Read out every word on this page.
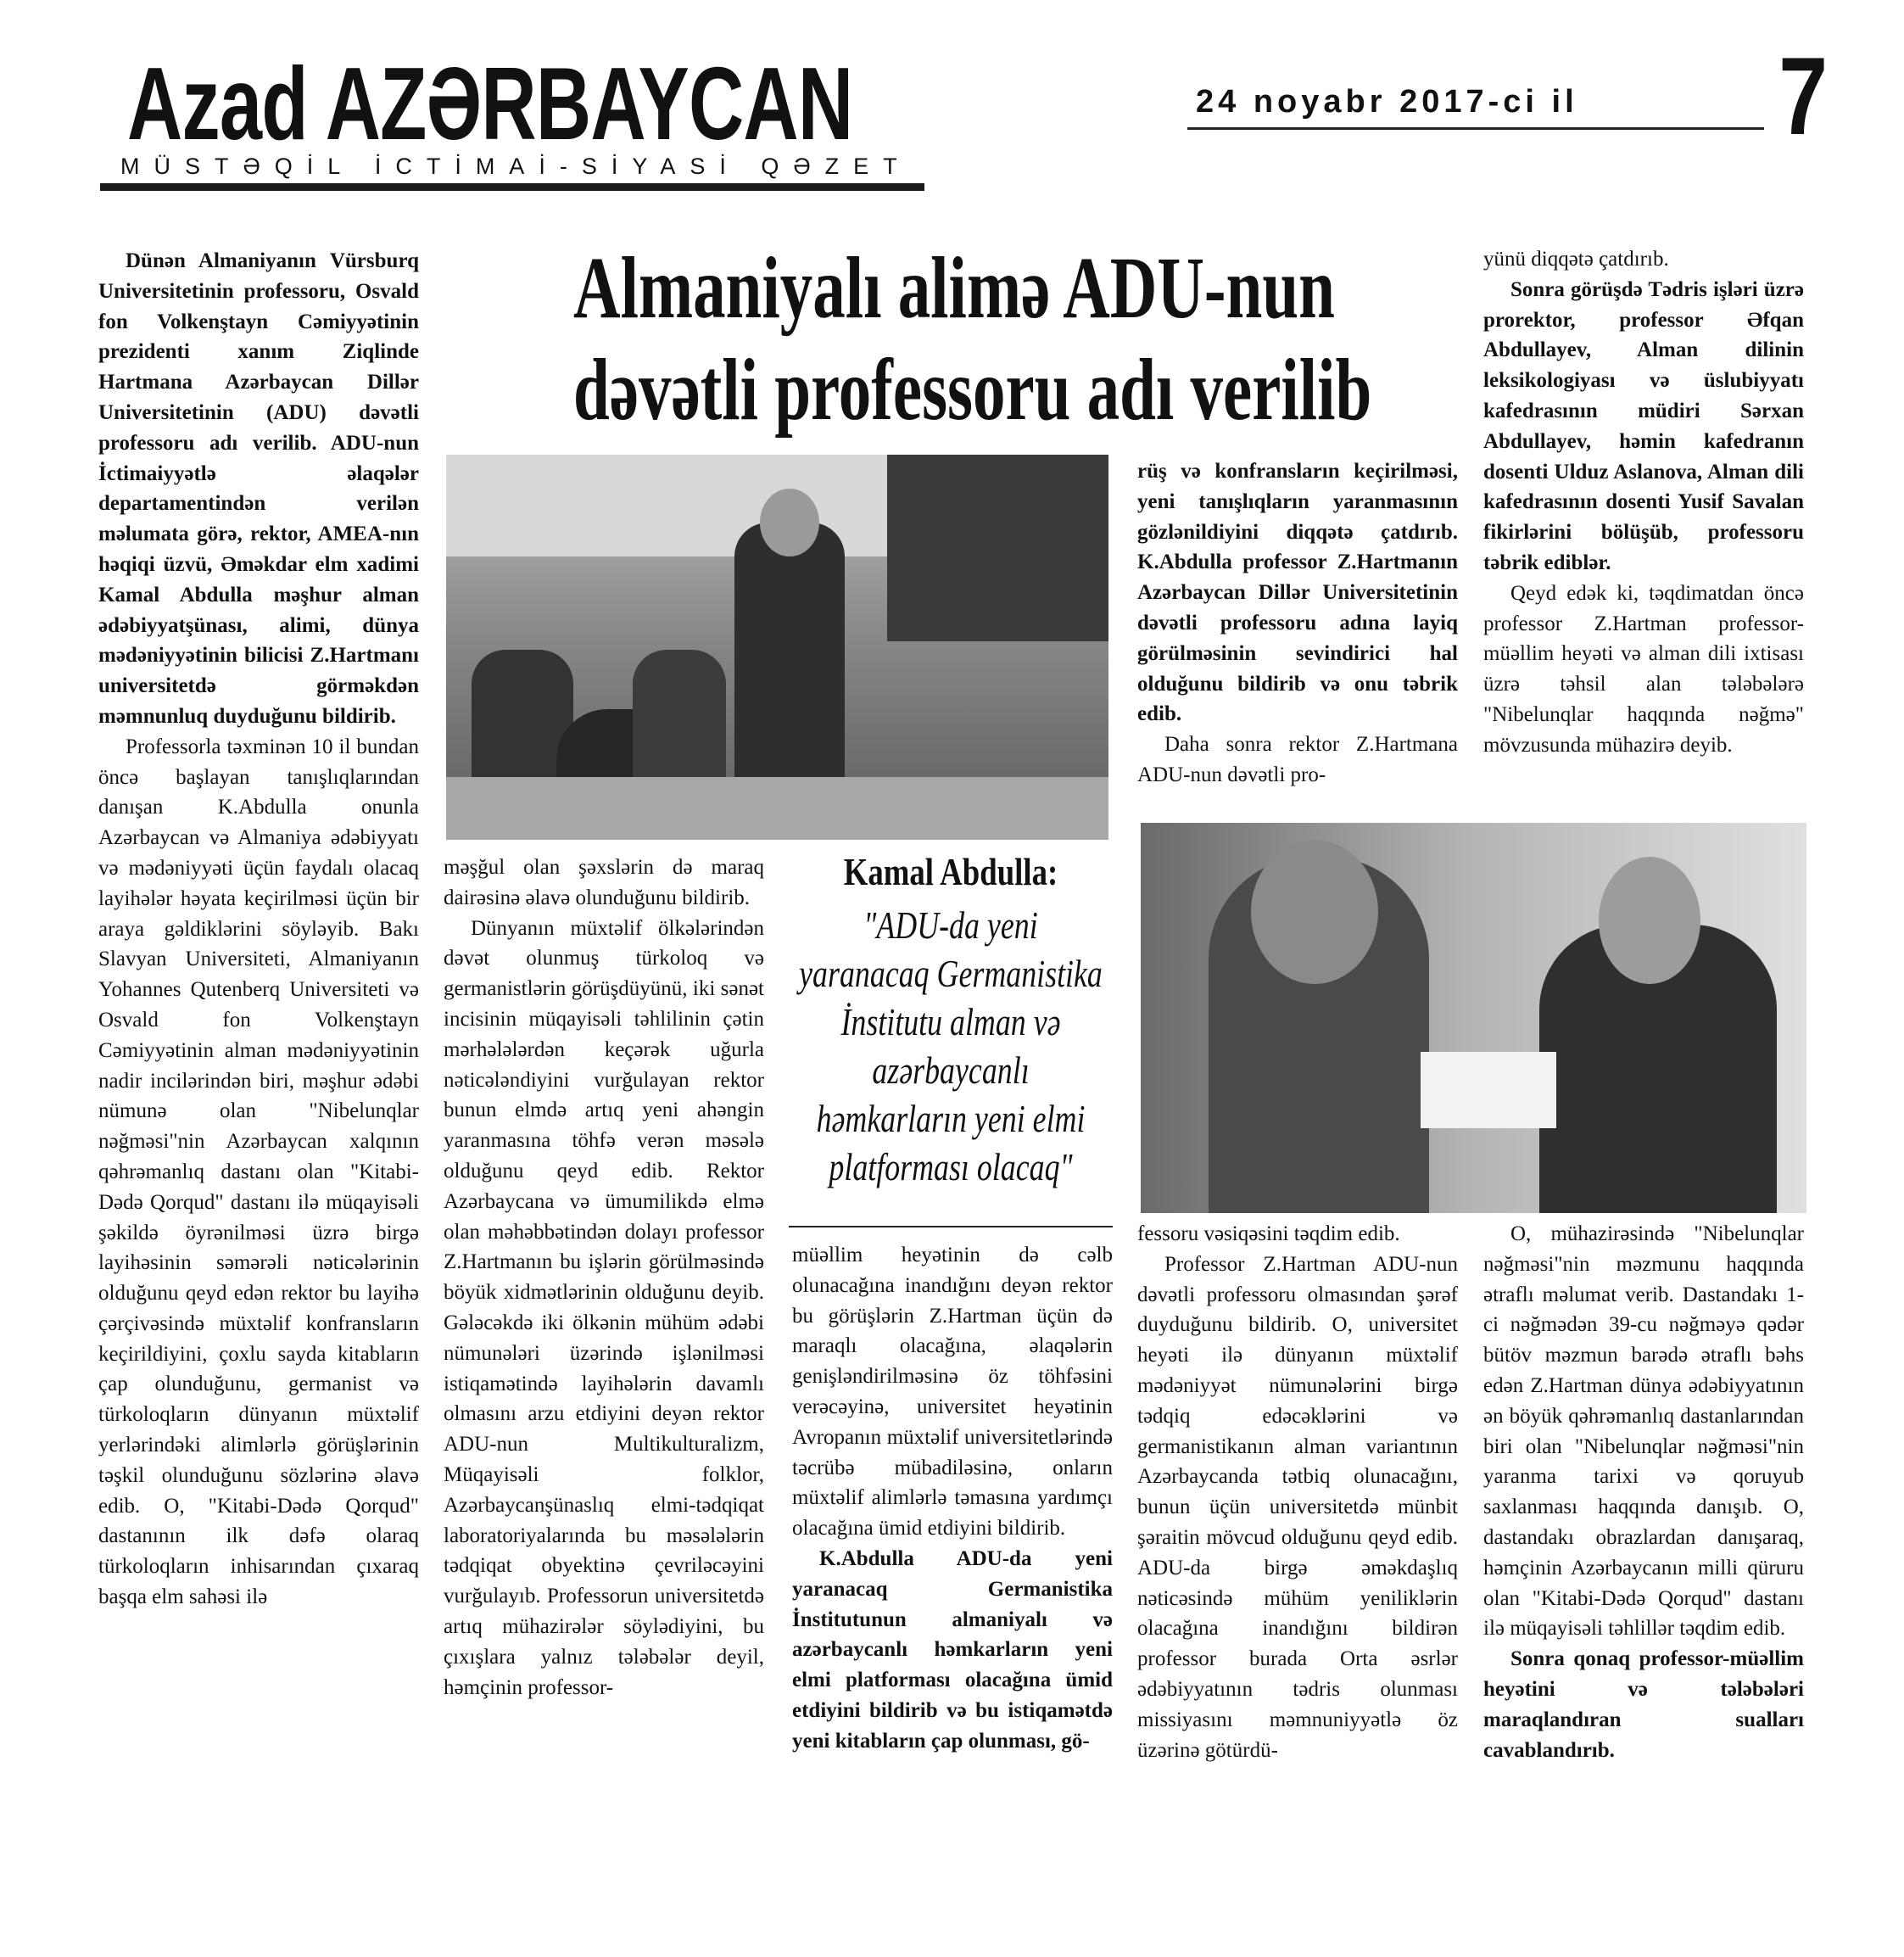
Azad AZƏRBAYCAN
MÜSTƏQİL İCTİMAİ-SİYASİ QƏZET
24 noyabr 2017-ci il 7
Almaniyalı alimə ADU-nun
dəvətli professoru adı verilib

Dünən Almaniyanın Vürsburq Universitetinin professoru, Osvald fon Volkenştayn Cəmiyyətinin prezidenti xanım Ziqlinde Hartmana Azərbaycan Dillər Universitetinin (ADU) dəvətli professoru adı verilib. ADU-nun İctimaiyyətlə əlaqələr departamentindən verilən məlumata görə, rektor, AMEA-nın həqiqi üzvü, Əməkdar elm xadimi Kamal Abdulla məşhur alman ədəbiyyatşünası, alimi, dünya mədəniyyətinin bilicisi Z.Hartmanı universitetdə görməkdən məmnunluq duyduğunu bildirib.

Professorla təxminən 10 il bundan öncə başlayan tanışlıqlarından danışan K.Abdulla onunla Azərbaycan və Almaniya ədəbiyyatı və mədəniyyəti üçün faydalı olacaq layihələr həyata keçirilməsi üçün bir araya gəldiklərini söyləyib. Bakı Slavyan Universiteti, Almaniyanın Yohannes Qutenberq Universiteti və Osvald fon Volkenştayn Cəmiyyətinin alman mədəniyyətinin nadir incilərindən biri, məşhur ədəbi nümunə olan "Nibelunqlar nəğməsi"nin Azərbaycan xalqının qəhrəmanlıq dastanı olan "Kitabi-Dədə Qorqud" dastanı ilə müqayisəli şəkildə öyrənilməsi üzrə birgə layihəsinin səmərəli nəticələrinin olduğunu qeyd edən rektor bu layihə çərçivəsində müxtəlif konfransların keçirildiyini, çoxlu sayda kitabların çap olunduğunu, germanist və türkoloqların dünyanın müxtəlif yerlərindəki alimlərlə görüşlərinin təşkil olunduğunu sözlərinə əlavə edib. O, "Kitabi-Dədə Qorqud" dastanının ilk dəfə olaraq türkoloqların inhisarından çıxaraq başqa elm sahəsi ilə

məşğul olan şəxslərin də maraq dairəsinə əlavə olunduğunu bildirib.

Dünyanın müxtəlif ölkələrindən dəvət olunmuş türkoloq və germanistlərin görüşdüyünü, iki sənət incisinin müqayisəli təhlilinin çətin mərhələlərdən keçərək uğurla nəticələndiyini vurğulayan rektor bunun elmdə artıq yeni ahəngin yaranmasına töhfə verən məsələ olduğunu qeyd edib. Rektor Azərbaycana və ümumilikdə elmə olan məhəbbətindən dolayı professor Z.Hartmanın bu işlərin görülməsində böyük xidmətlərinin olduğunu deyib. Gələcəkdə iki ölkənin mühüm ədəbi nümunələri üzərində işlənilməsi istiqamətində layihələrin davamlı olmasını arzu etdiyini deyən rektor ADU-nun Multikulturalizm, Müqayisəli folklor, Azərbaycanşünaslıq elmi-tədqiqat laboratoriyalarında bu məsələlərin tədqiqat obyektinə çevriləcəyini vurğulayıb. Professorun universitetdə artıq mühazirələr söylədiyini, bu çıxışlara yalnız tələbələr deyil, həmçinin professor-

Kamal Abdulla:
"ADU-da yeni yaranacaq Germanistika İnstitutu alman və azərbaycanlı həmkarların yeni elmi platforması olacaq"

müəllim heyətinin də cəlb olunacağına inandığını deyən rektor bu görüşlərin Z.Hartman üçün də maraqlı olacağına, əlaqələrin genişləndirilməsinə öz töhfəsini verəcəyinə, universitet heyətinin Avropanın müxtəlif universitetlərində təcrübə mübadiləsinə, onların müxtəlif alimlərlə təmasına yardımçı olacağına ümid etdiyini bildirib.

K.Abdulla ADU-da yeni yaranacaq Germanistika İnstitutunun almaniyalı və azərbaycanlı həmkarların yeni elmi platforması olacağına ümid etdiyini bildirib və bu istiqamətdə yeni kitabların çap olunması, gö-

rüş və konfransların keçirilməsi, yeni tanışlıqların yaranmasının gözlənildiyini diqqətə çatdırıb. K.Abdulla professor Z.Hartmanın Azərbaycan Dillər Universitetinin dəvətli professoru adına layiq görülməsinin sevindirici hal olduğunu bildirib və onu təbrik edib.

Daha sonra rektor Z.Hartmana ADU-nun dəvətli pro-

fessoru vəsiqəsini təqdim edib.

Professor Z.Hartman ADU-nun dəvətli professoru olmasından şərəf duyduğunu bildirib. O, universitet heyəti ilə dünyanın müxtəlif mədəniyyət nümunələrini birgə tədqiq edəcəklərini və germanistikanın alman variantının Azərbaycanda tətbiq olunacağını, bunun üçün universitetdə münbit şəraitin mövcud olduğunu qeyd edib. ADU-da birgə əməkdaşlıq nəticəsində mühüm yeniliklərin olacağına inandığını bildirən professor burada Orta əsrlər ədəbiyyatının tədris olunması missiyasını məmnuniyyətlə öz üzərinə götürdü-

yünü diqqətə çatdırıb.

Sonra görüşdə Tədris işləri üzrə prorektor, professor Əfqan Abdullayev, Alman dilinin leksikologiyası və üslubiyyatı kafedrasının müdiri Sərxan Abdullayev, həmin kafedranın dosenti Ulduz Aslanova, Alman dili kafedrasının dosenti Yusif Savalan fikirlərini bölüşüb, professoru təbrik ediblər.

Qeyd edək ki, təqdimatdan öncə professor Z.Hartman professor-müəllim heyəti və alman dili ixtisası üzrə təhsil alan tələbələrə "Nibelunqlar haqqında nəğmə" mövzusunda mühazirə deyib.

O, mühazirəsində "Nibelunqlar nəğməsi"nin məzmunu haqqında ətraflı məlumat verib. Dastandakı 1-ci nəğmədən 39-cu nəğməyə qədər bütöv məzmun barədə ətraflı bəhs edən Z.Hartman dünya ədəbiyyatının ən böyük qəhrəmanlıq dastanlarından biri olan "Nibelunqlar nəğməsi"nin yaranma tarixi və qoruyub saxlanması haqqında danışıb. O, dastandakı obrazlardan danışaraq, həmçinin Azərbaycanın milli qüruru olan "Kitabi-Dədə Qorqud" dastanı ilə müqayisəli təhlillər təqdim edib.

Sonra qonaq professor-müəllim heyətini və tələbələri maraqlandıran sualları cavablandırıb.
